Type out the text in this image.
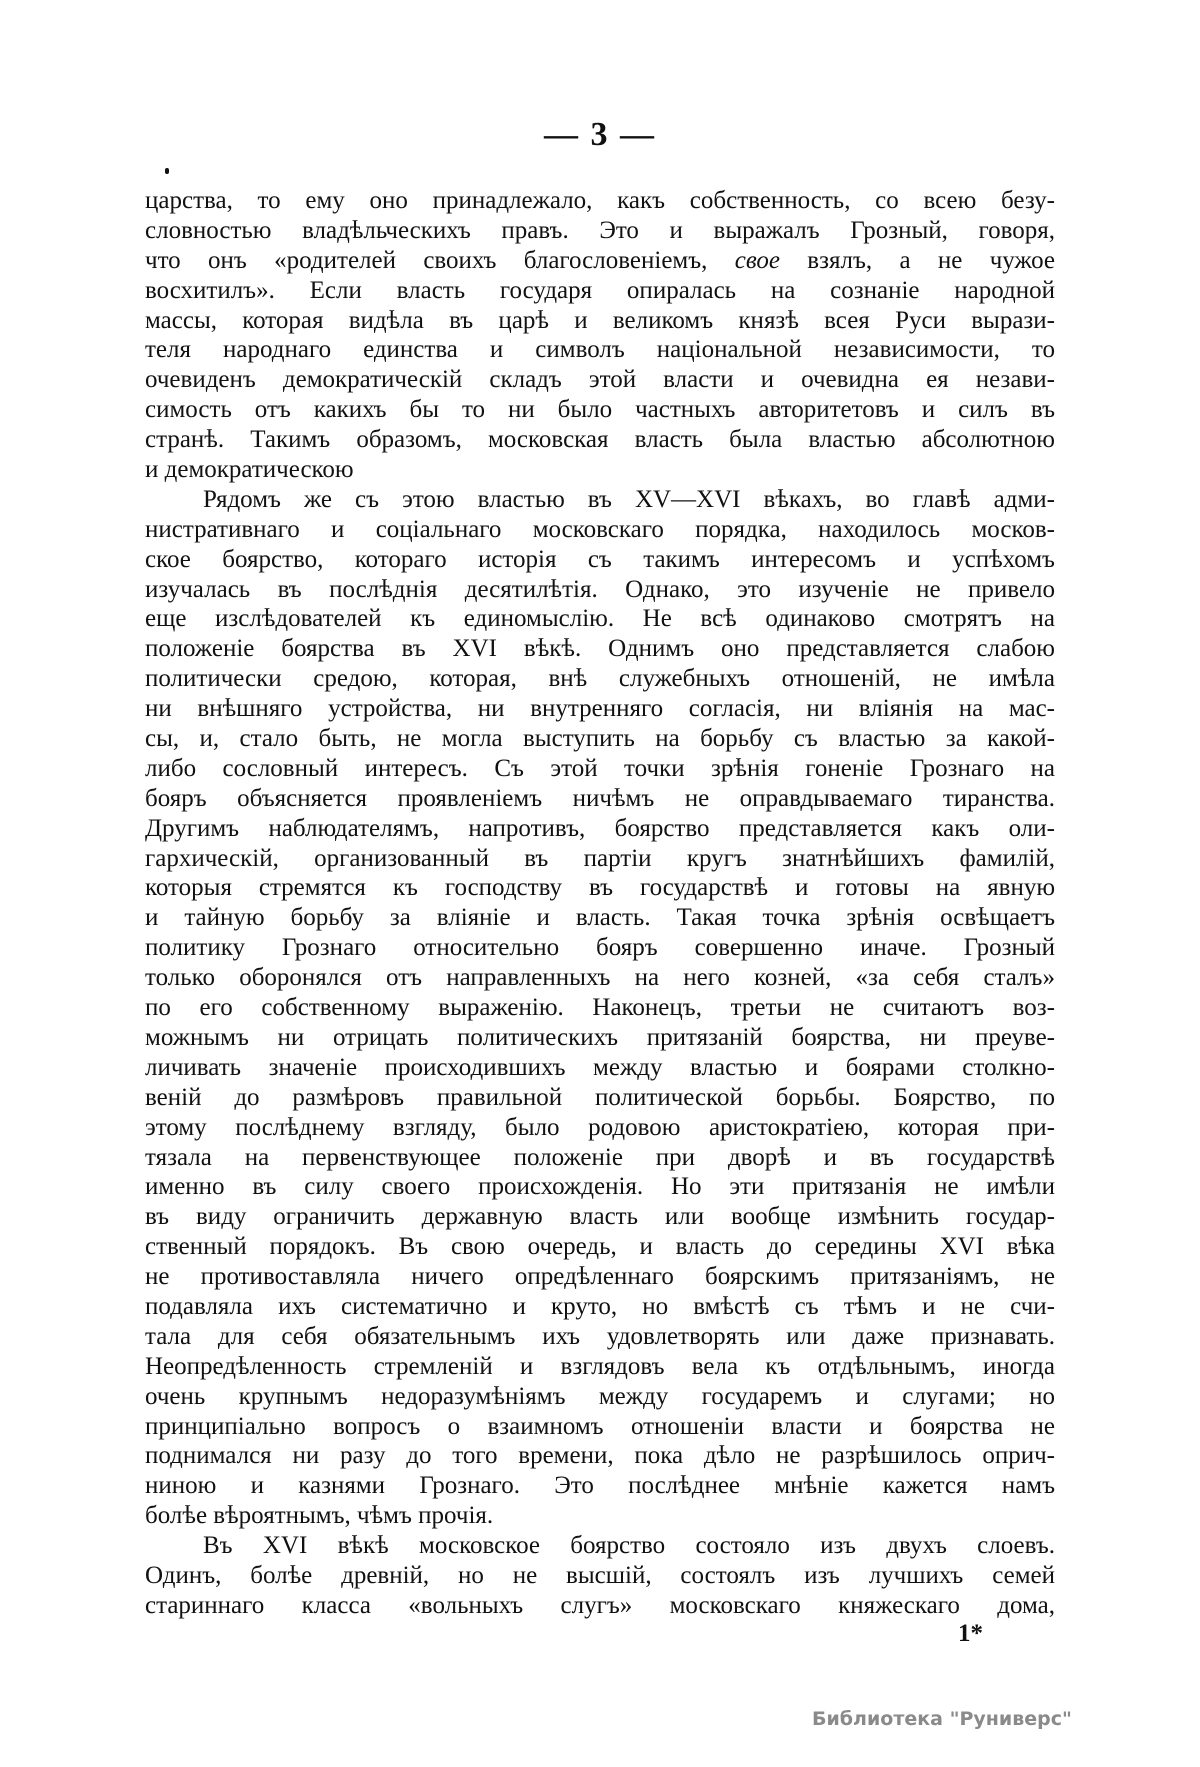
— 3 —
царства, то ему оно принадлежало, какъ собственность, со всею безу-
словностью владѣльческихъ правъ. Это и выражалъ Грозный, говоря,
что онъ «родителей своихъ благословеніемъ, свое взялъ, а не чужое
восхитилъ». Если власть государя опиралась на сознаніе народной
массы, которая видѣла въ царѣ и великомъ князѣ всея Руси вырази-
теля народнаго единства и символъ національной независимости, то
очевиденъ демократическій складъ этой власти и очевидна ея незави-
симость отъ какихъ бы то ни было частныхъ авторитетовъ и силъ въ
странѣ. Такимъ образомъ, московская власть была властью абсолютною
и демократическою
Рядомъ же съ этою властью въ XV—XVI вѣкахъ, во главѣ адми-
нистративнаго и соціальнаго московскаго порядка, находилось москов-
ское боярство, котораго исторія съ такимъ интересомъ и успѣхомъ
изучалась въ послѣднія десятилѣтія. Однако, это изученіе не привело
еще изслѣдователей къ единомыслію. Не всѣ одинаково смотрятъ на
положеніе боярства въ XVI вѣкѣ. Однимъ оно представляется слабою
политически средою, которая, внѣ служебныхъ отношеній, не имѣла
ни внѣшняго устройства, ни внутренняго согласія, ни вліянія на мас-
сы, и, стало быть, не могла выступить на борьбу съ властью за какой-
либо сословный интересъ. Съ этой точки зрѣнія гоненіе Грознаго на
бояръ объясняется проявленіемъ ничѣмъ не оправдываемаго тиранства.
Другимъ наблюдателямъ, напротивъ, боярство представляется какъ оли-
гархическій, организованный въ партіи кругъ знатнѣйшихъ фамилій,
которыя стремятся къ господству въ государствѣ и готовы на явную
и тайную борьбу за вліяніе и власть. Такая точка зрѣнія освѣщаетъ
политику Грознаго относительно бояръ совершенно иначе. Грозный
только оборонялся отъ направленныхъ на него козней, «за себя сталъ»
по его собственному выраженію. Наконецъ, третьи не считаютъ воз-
можнымъ ни отрицать политическихъ притязаній боярства, ни преуве-
личивать значеніе происходившихъ между властью и боярами столкно-
веній до размѣровъ правильной политической борьбы. Боярство, по
этому послѣднему взгляду, было родовою аристократіею, которая при-
тязала на первенствующее положеніе при дворѣ и въ государствѣ
именно въ силу своего происхожденія. Но эти притязанія не имѣли
въ виду ограничить державную власть или вообще измѣнить государ-
ственный порядокъ. Въ свою очередь, и власть до середины XVI вѣка
не противоставляла ничего опредѣленнаго боярскимъ притязаніямъ, не
подавляла ихъ систематично и круто, но вмѣстѣ съ тѣмъ и не счи-
тала для себя обязательнымъ ихъ удовлетворять или даже признавать.
Неопредѣленность стремленій и взглядовъ вела къ отдѣльнымъ, иногда
очень крупнымъ недоразумѣніямъ между государемъ и слугами; но
принципіально вопросъ о взаимномъ отношеніи власти и боярства не
поднимался ни разу до того времени, пока дѣло не разрѣшилось оприч-
ниною и казнями Грознаго. Это послѣднее мнѣніе кажется намъ
болѣе вѣроятнымъ, чѣмъ прочія.
Въ XVI вѣкѣ московское боярство состояло изъ двухъ слоевъ.
Одинъ, болѣе древній, но не высшій, состоялъ изъ лучшихъ семей
стариннаго класса «вольныхъ слугъ» московскаго княжескаго дома,
1*
Библиотека "Руниверс"
